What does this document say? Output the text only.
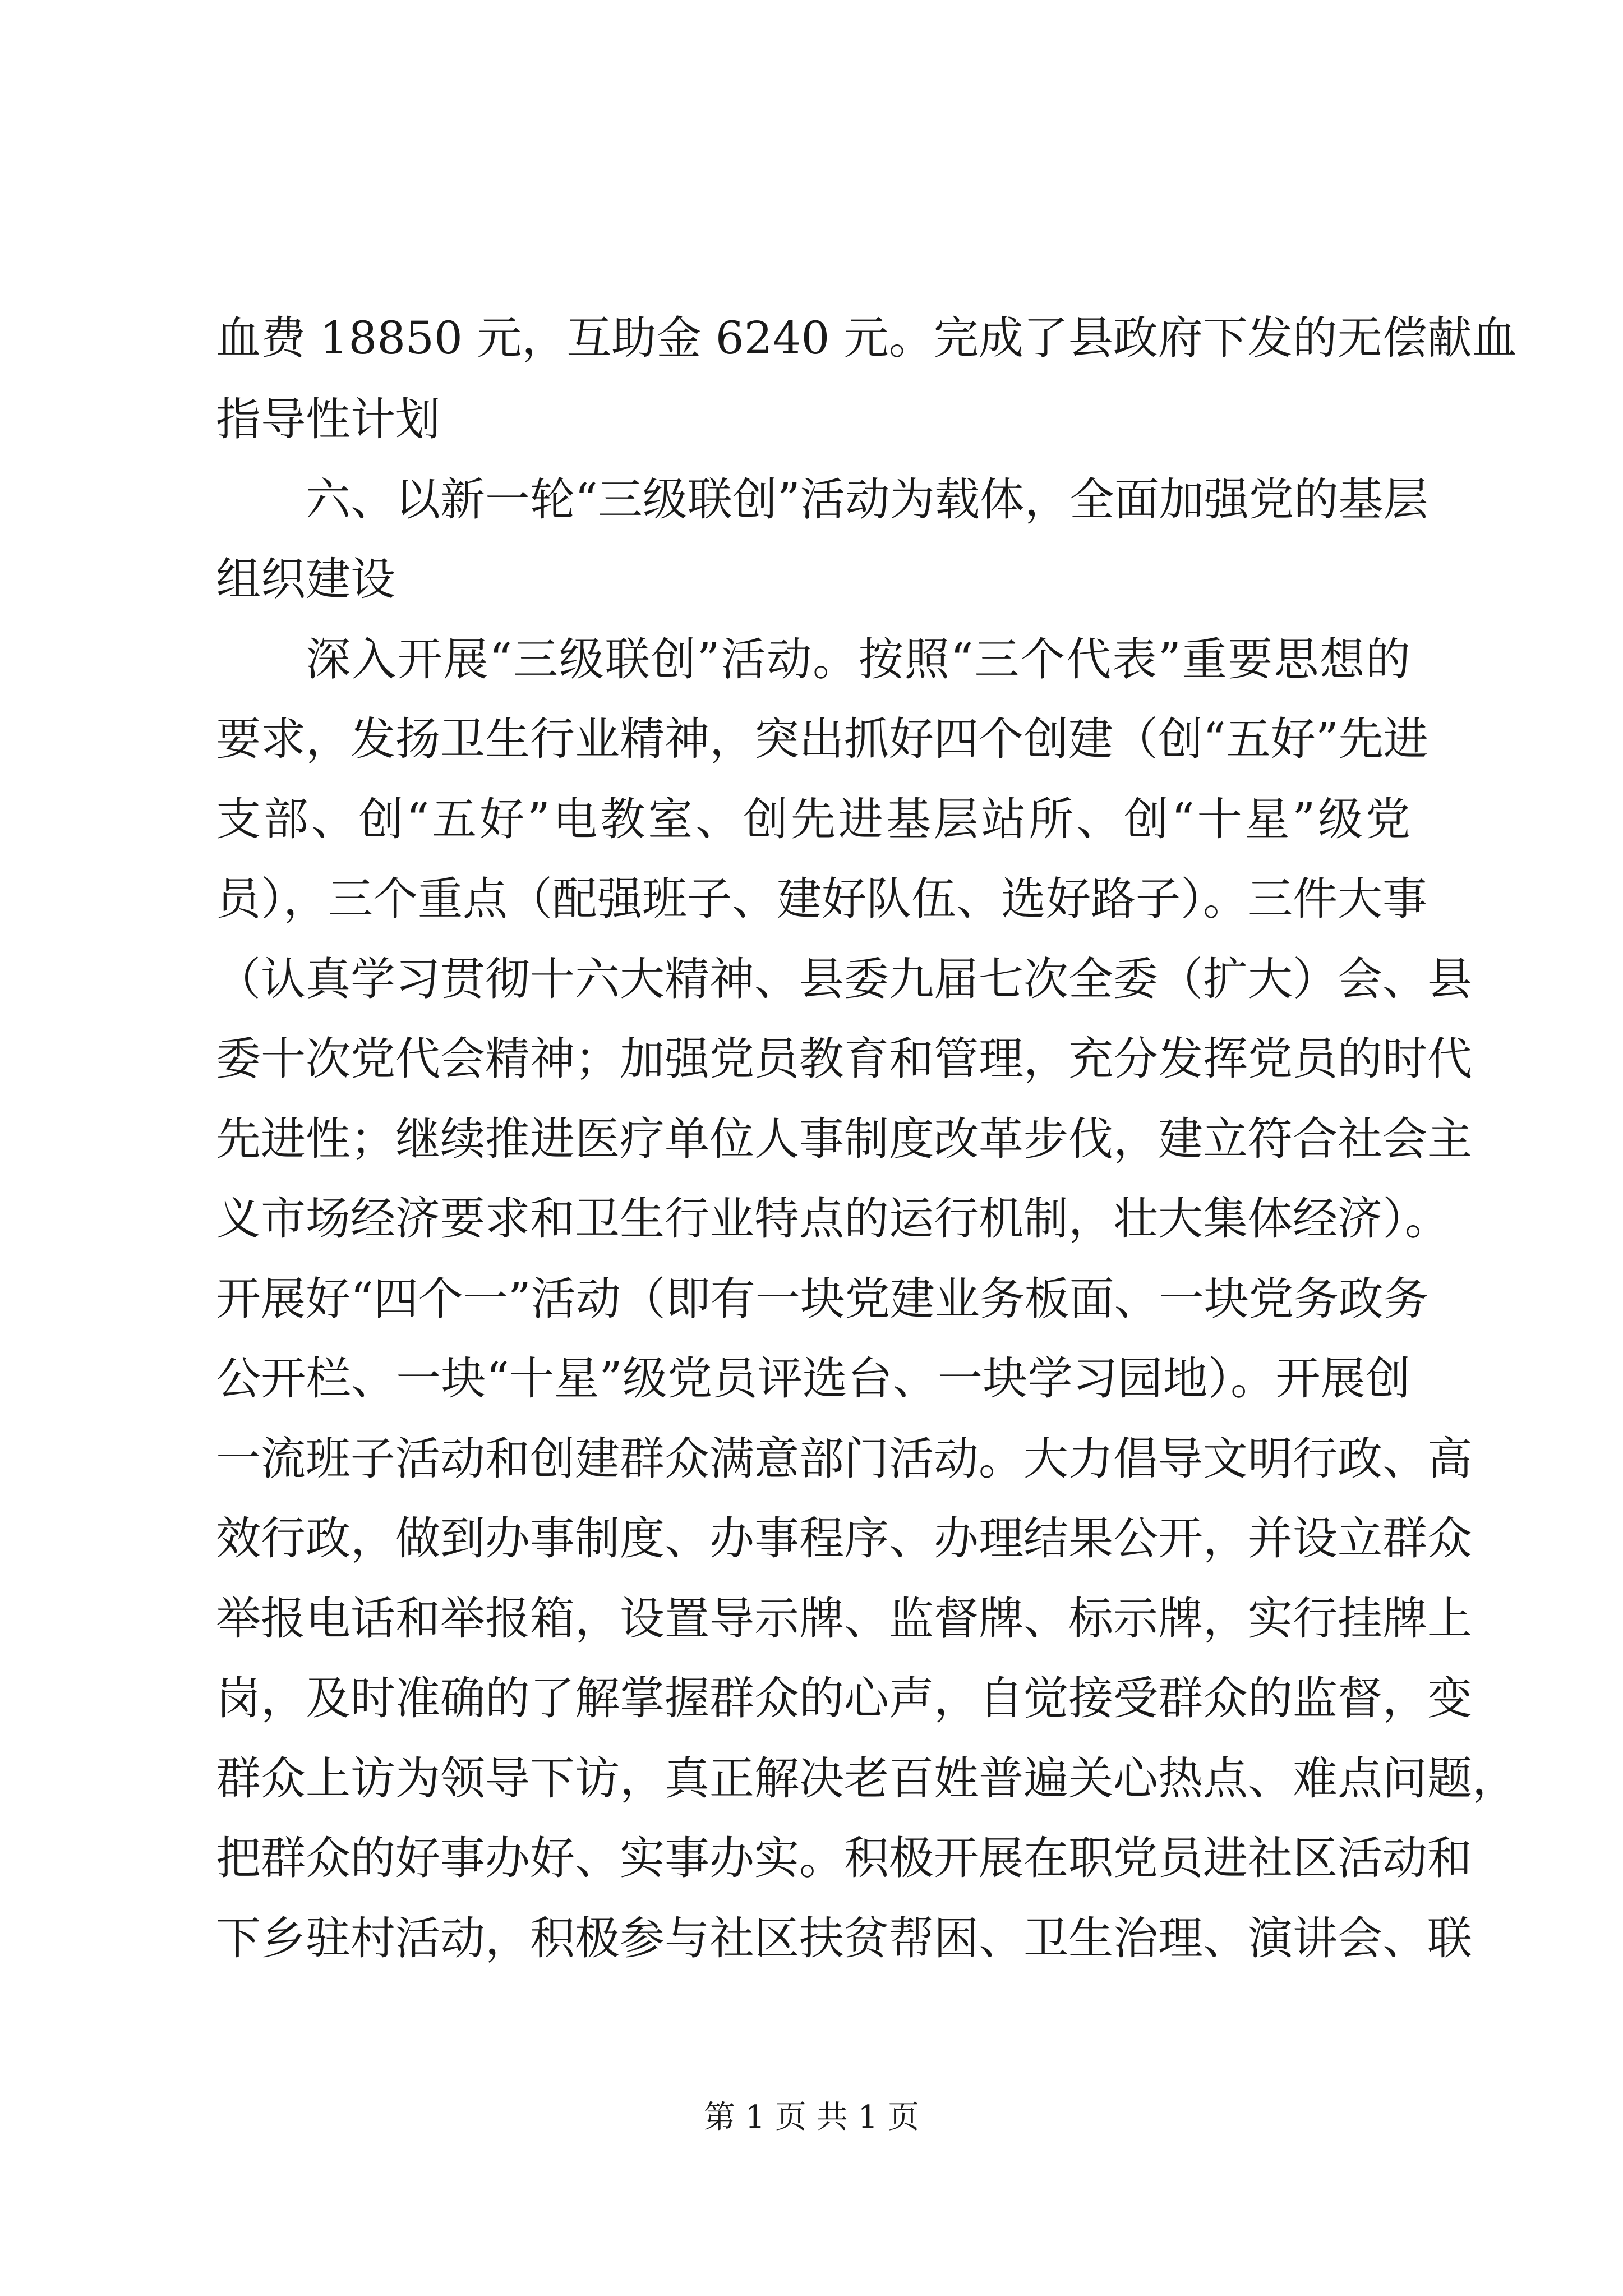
血费 18850 元，互助金 6240 元。完成了县政府下发的无偿献血
指导性计划
六、以新一轮“三级联创”活动为载体，全面加强党的基层
组织建设
深入开展“三级联创”活动。按照“三个代表”重要思想的
要求，发扬卫生行业精神，突出抓好四个创建（创“五好”先进
支部、创“五好”电教室、创先进基层站所、创“十星”级党
员），三个重点（配强班子、建好队伍、选好路子）。三件大事
（认真学习贯彻十六大精神、县委九届七次全委（扩大）会、县
委十次党代会精神；加强党员教育和管理，充分发挥党员的时代
先进性；继续推进医疗单位人事制度改革步伐，建立符合社会主
义市场经济要求和卫生行业特点的运行机制，壮大集体经济）。
开展好“四个一”活动（即有一块党建业务板面、一块党务政务
公开栏、一块“十星”级党员评选台、一块学习园地）。开展创
一流班子活动和创建群众满意部门活动。大力倡导文明行政、高
效行政，做到办事制度、办事程序、办理结果公开，并设立群众
举报电话和举报箱，设置导示牌、监督牌、标示牌，实行挂牌上
岗，及时准确的了解掌握群众的心声，自觉接受群众的监督，变
群众上访为领导下访，真正解决老百姓普遍关心热点、难点问题，
把群众的好事办好、实事办实。积极开展在职党员进社区活动和
下乡驻村活动，积极参与社区扶贫帮困、卫生治理、演讲会、联
第 1 页 共 1 页
